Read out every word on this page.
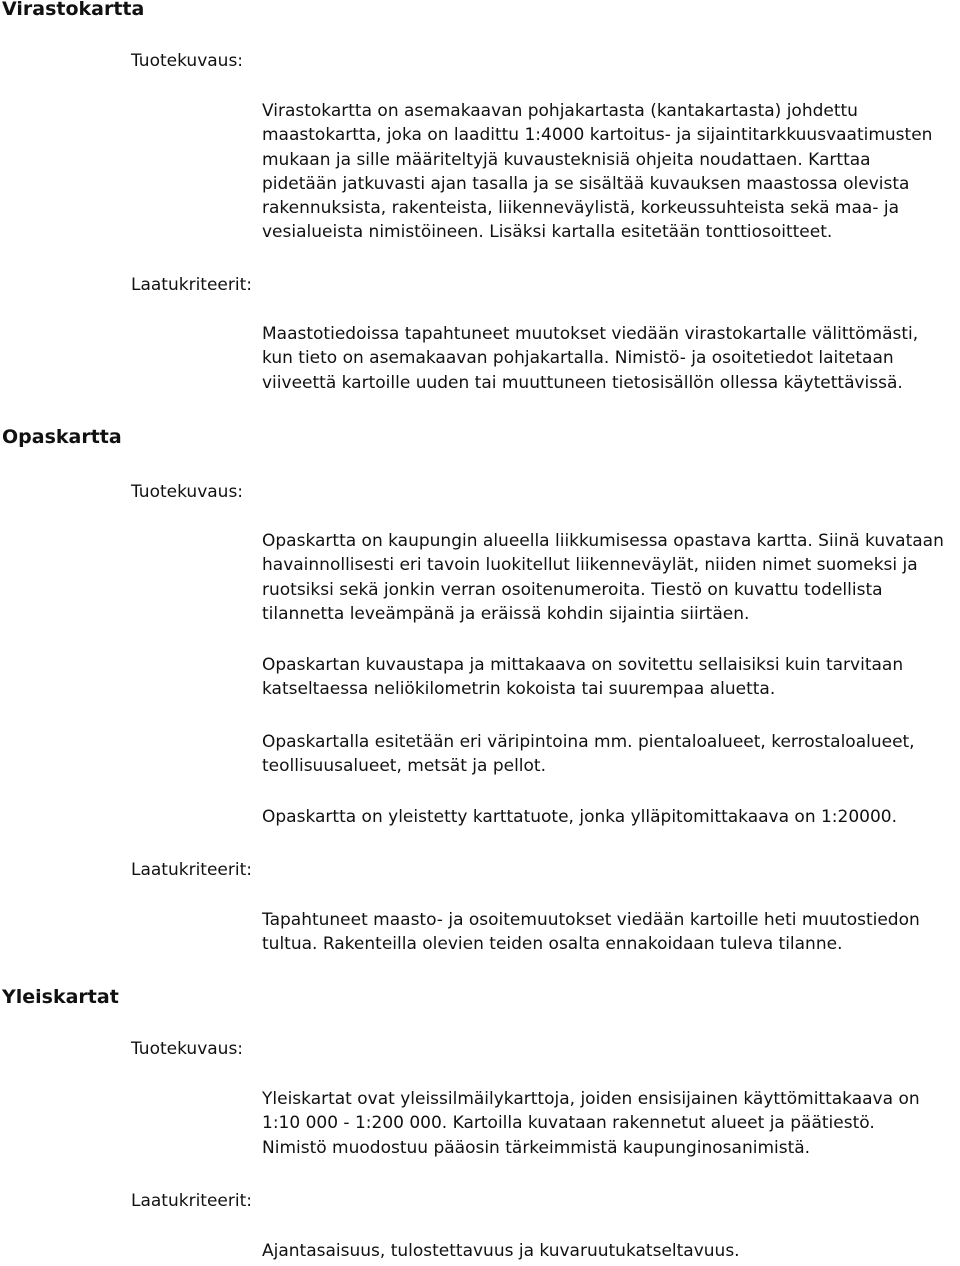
Virastokartta
Tuotekuvaus:

Virastokartta on asemakaavan pohjakartasta (kantakartasta) johdettu
maastokartta, joka on laadittu 1:4000 kartoitus- ja sijaintitarkkuusvaatimusten
mukaan ja sille määriteltyjä kuvausteknisiä ohjeita noudattaen. Karttaa
pidetään jatkuvasti ajan tasalla ja se sisältää kuvauksen maastossa olevista
rakennuksista, rakenteista, liikenneväylistä, korkeussuhteista sekä maa- ja
vesialueista nimistöineen. Lisäksi kartalla esitetään tonttiosoitteet.

Laatukriteerit:

Maastotiedoissa tapahtuneet muutokset viedään virastokartalle välittömästi,
kun tieto on asemakaavan pohjakartalla. Nimistö- ja osoitetiedot laitetaan
viiveettä kartoille uuden tai muuttuneen tietosisällön ollessa käytettävissä.

Opaskartta
Tuotekuvaus:

Opaskartta on kaupungin alueella liikkumisessa opastava kartta. Siinä kuvataan
havainnollisesti eri tavoin luokitellut liikenneväylät, niiden nimet suomeksi ja
ruotsiksi sekä jonkin verran osoitenumeroita. Tiestö on kuvattu todellista
tilannetta leveämpänä ja eräissä kohdin sijaintia siirtäen.

Opaskartan kuvaustapa ja mittakaava on sovitettu sellaisiksi kuin tarvitaan
katseltaessa neliökilometrin kokoista tai suurempaa aluetta.

Opaskartalla esitetään eri väripintoina mm. pientaloalueet, kerrostaloalueet,
teollisuusalueet, metsät ja pellot.

Opaskartta on yleistetty karttatuote, jonka ylläpitomittakaava on 1:20000.

Laatukriteerit:

Tapahtuneet maasto- ja osoitemuutokset viedään kartoille heti muutostiedon
tultua. Rakenteilla olevien teiden osalta ennakoidaan tuleva tilanne.

Yleiskartat
Tuotekuvaus:

Yleiskartat ovat yleissilmäilykarttoja, joiden ensisijainen käyttömittakaava on
1:10 000 - 1:200 000. Kartoilla kuvataan rakennetut alueet ja päätiestö.
Nimistö muodostuu pääosin tärkeimmistä kaupunginosanimistä.

Laatukriteerit:

Ajantasaisuus, tulostettavuus ja kuvaruutukatseltavuus.
